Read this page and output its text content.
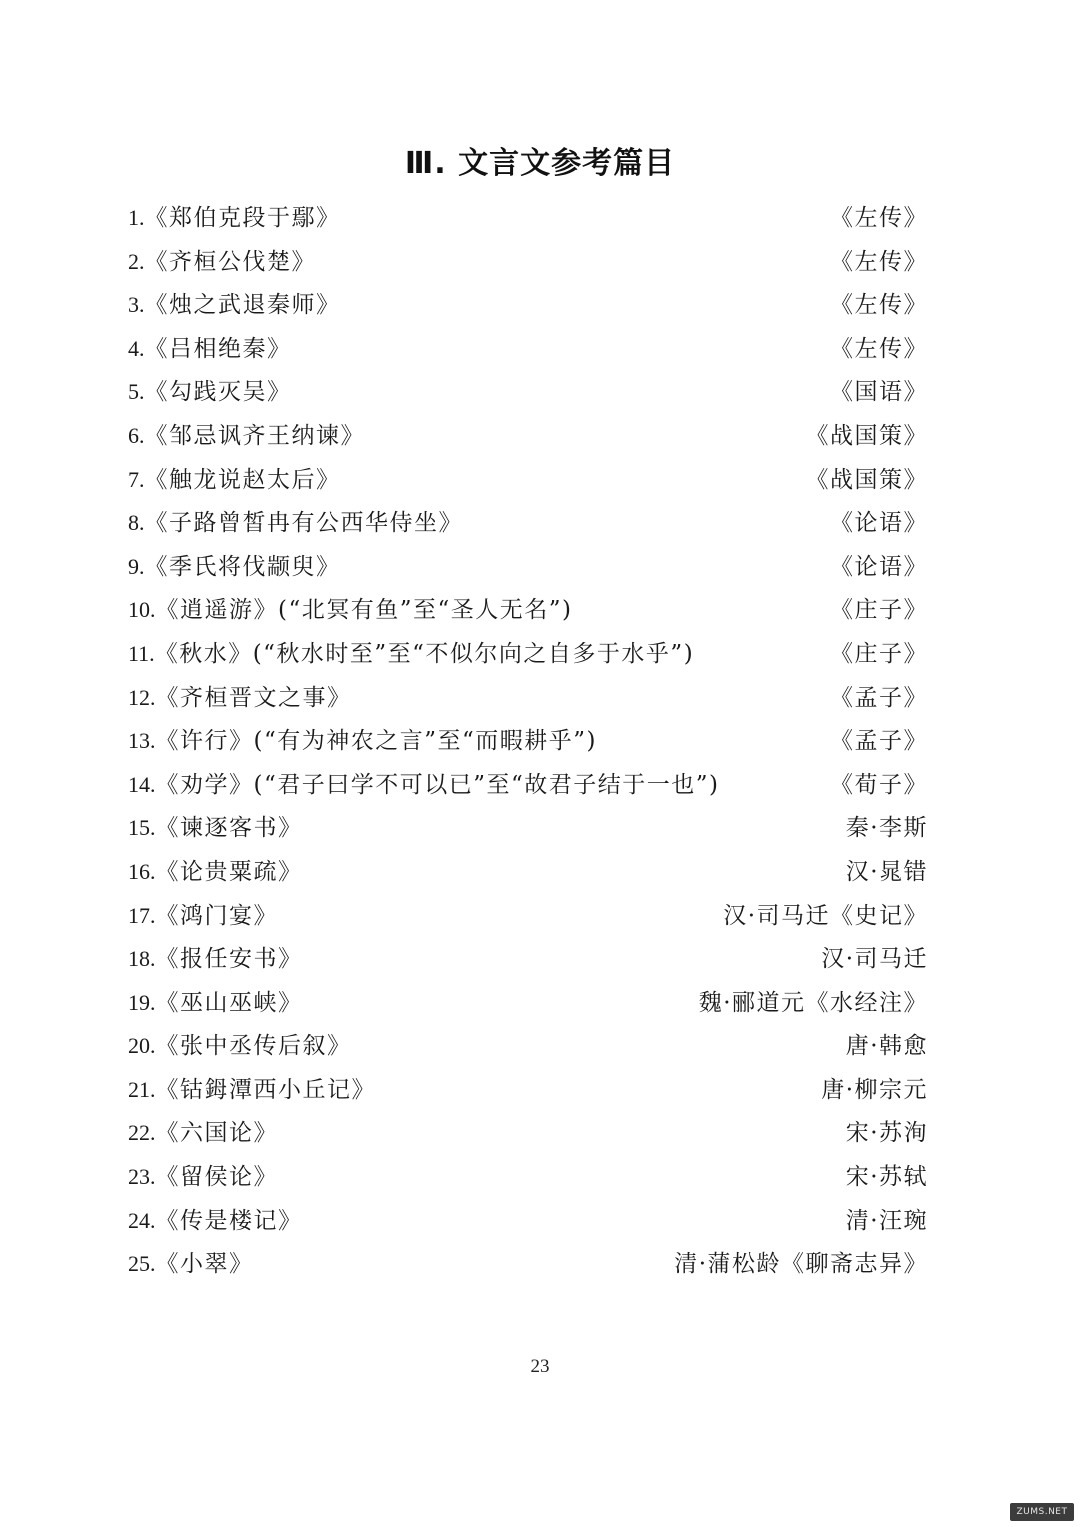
Ⅲ. 文言文参考篇目
1. 《郑伯克段于鄢》	《左传》
2. 《齐桓公伐楚》	《左传》
3. 《烛之武退秦师》	《左传》
4. 《吕相绝秦》	《左传》
5. 《勾践灭吴》	《国语》
6. 《邹忌讽齐王纳谏》	《战国策》
7. 《触龙说赵太后》	《战国策》
8. 《子路曾皙冉有公西华侍坐》	《论语》
9. 《季氏将伐颛臾》	《论语》
10. 《逍遥游》(“北冥有鱼”至“圣人无名”)	《庄子》
11. 《秋水》(“秋水时至”至“不似尔向之自多于水乎”)	《庄子》
12. 《齐桓晋文之事》	《孟子》
13. 《许行》(“有为神农之言”至“而暇耕乎”)	《孟子》
14. 《劝学》(“君子曰学不可以已”至“故君子结于一也”)	《荀子》
15. 《谏逐客书》	秦·李斯
16. 《论贵粟疏》	汉·晁错
17. 《鸿门宴》	汉·司马迁《史记》
18. 《报任安书》	汉·司马迁
19. 《巫山巫峡》	魏·郦道元《水经注》
20. 《张中丞传后叙》	唐·韩愈
21. 《钴鉧潭西小丘记》	唐·柳宗元
22. 《六国论》	宋·苏洵
23. 《留侯论》	宋·苏轼
24. 《传是楼记》	清·汪琬
25. 《小翠》	清·蒲松龄《聊斋志异》
23
ZUMS.NET
